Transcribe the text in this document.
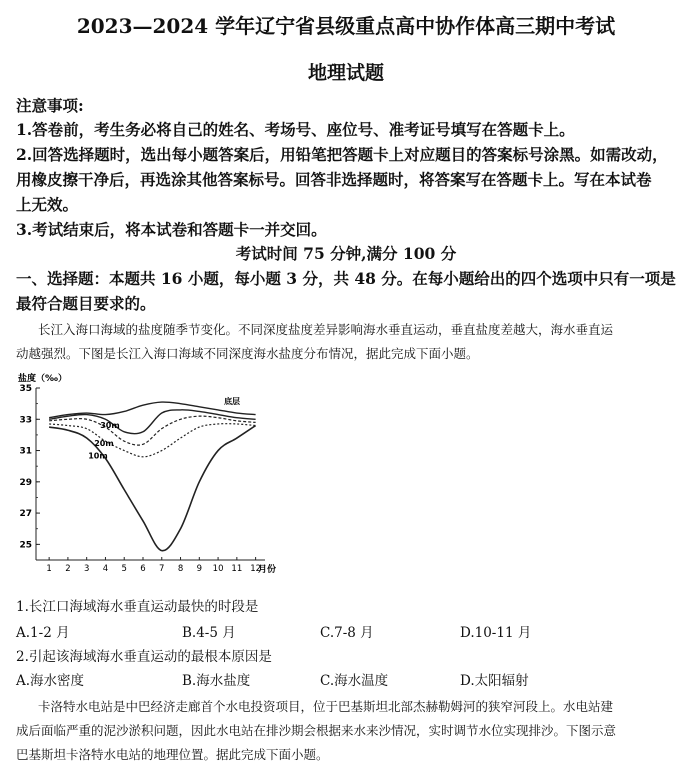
2023—2024 学年辽宁省县级重点高中协作体高三期中考试
地理试题
注意事项:
1.答卷前，考生务必将自己的姓名、考场号、座位号、准考证号填写在答题卡上。
2.回答选择题时，选出每小题答案后，用铅笔把答题卡上对应题目的答案标号涂黑。如需改动，
用橡皮擦干净后，再选涂其他答案标号。回答非选择题时，将答案写在答题卡上。写在本试卷
上无效。
3.考试结束后，将本试卷和答题卡一并交回。
考试时间 75 分钟,满分 100 分
一、选择题：本题共 16 小题，每小题 3 分，共 48 分。在每小题给出的四个选项中只有一项是
最符合题目要求的。
长江入海口海域的盐度随季节变化。不同深度盐度差异影响海水垂直运动，垂直盐度差越大，海水垂直运
动越强烈。下图是长江入海口海域不同深度海水盐度分布情况，据此完成下面小题。
盐度（‰）
月份
35
33
31
29
27
25
1 2 3 4 5 6 7 8 9 10 11 12
底层
30m
20m
10m
1.长江口海域海水垂直运动最快的时段是
A.1-2 月	B.4-5 月	C.7-8 月	D.10-11 月
2.引起该海域海水垂直运动的最根本原因是
A.海水密度	B.海水盐度	C.海水温度	D.太阳辐射
卡洛特水电站是中巴经济走廊首个水电投资项目，位于巴基斯坦北部杰赫勒姆河的狭窄河段上。水电站建
成后面临严重的泥沙淤积问题，因此水电站在排沙期会根据来水来沙情况，实时调节水位实现排沙。下图示意
巴基斯坦卡洛特水电站的地理位置。据此完成下面小题。
